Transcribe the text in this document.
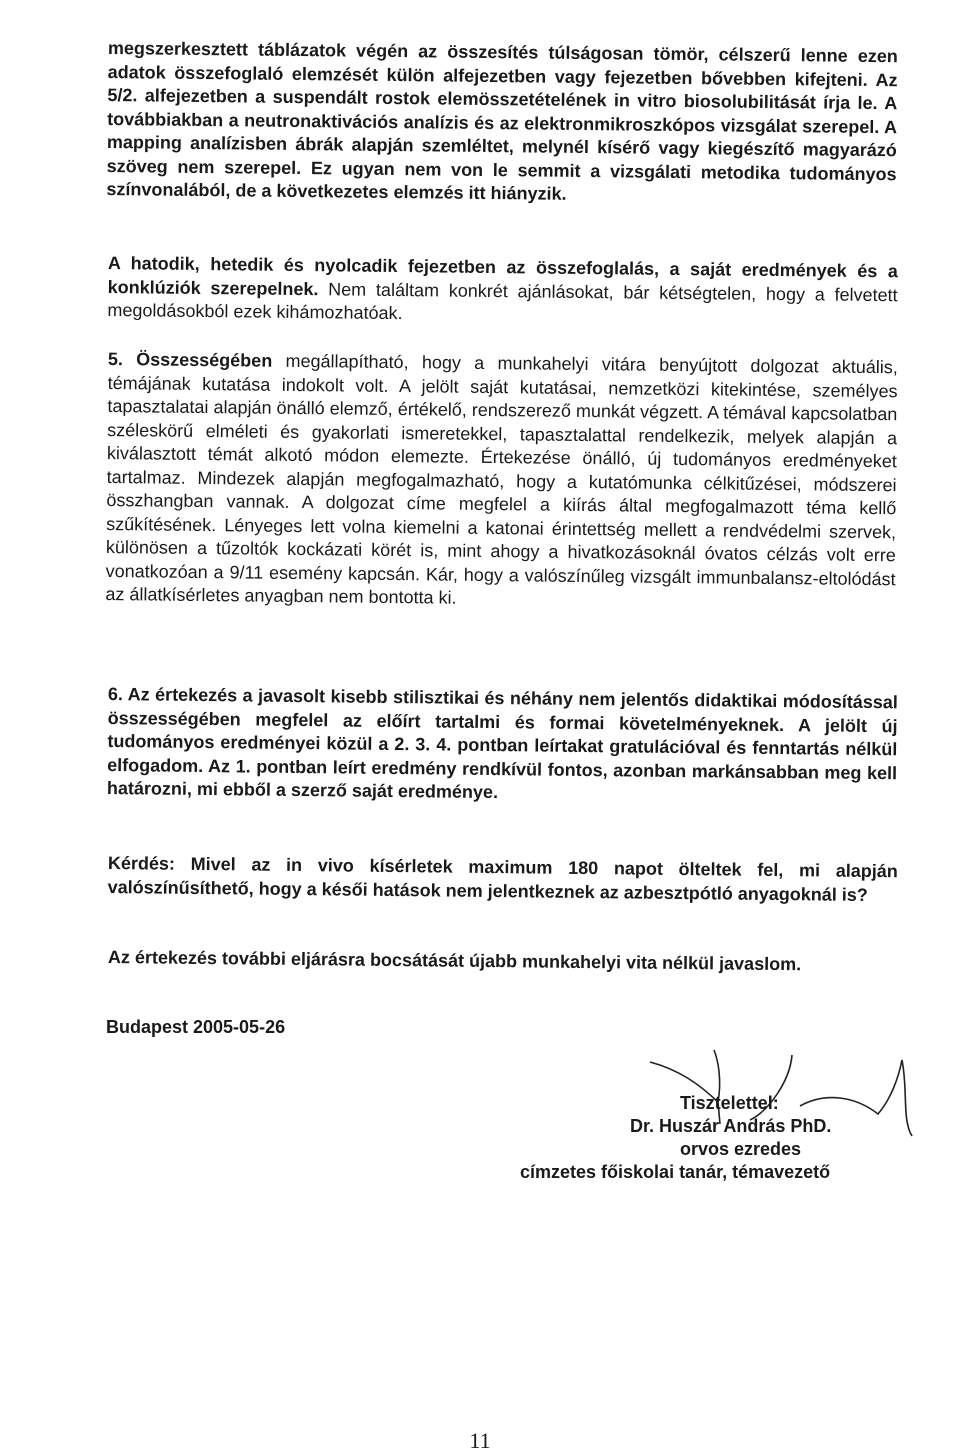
megszerkesztett táblázatok végén az összesítés túlságosan tömör, célszerű lenne ezen adatok összefoglaló elemzését külön alfejezetben vagy fejezetben bővebben kifejteni. Az 5/2. alfejezetben a suspendált rostok elemösszetételének in vitro biosolubilitását írja le. A továbbiakban a neutronaktivációs analízis és az elektronmikroszkópos vizsgálat szerepel. A mapping analízisben ábrák alapján szemléltet, melynél kísérő vagy kiegészítő magyarázó szöveg nem szerepel. Ez ugyan nem von le semmit a vizsgálati metodika tudományos színvonalából, de a következetes elemzés itt hiányzik.
A hatodik, hetedik és nyolcadik fejezetben az összefoglalás, a saját eredmények és a konklúziók szerepelnek. Nem találtam konkrét ajánlásokat, bár kétségtelen, hogy a felvetett megoldásokból ezek kihámozhatóak.
5. Összességében megállapítható, hogy a munkahelyi vitára benyújtott dolgozat aktuális, témájának kutatása indokolt volt. A jelölt saját kutatásai, nemzetközi kitekintése, személyes tapasztalatai alapján önálló elemző, értékelő, rendszerező munkát végzett. A témával kapcsolatban széleskörű elméleti és gyakorlati ismeretekkel, tapasztalattal rendelkezik, melyek alapján a kiválasztott témát alkotó módon elemezte. Értekezése önálló, új tudományos eredményeket tartalmaz. Mindezek alapján megfogalmazható, hogy a kutatómunka célkitűzései, módszerei összhangban vannak. A dolgozat címe megfelel a kiírás által megfogalmazott téma kellő szűkítésének. Lényeges lett volna kiemelni a katonai érintettség mellett a rendvédelmi szervek, különösen a tűzoltók kockázati körét is, mint ahogy a hivatkozásoknál óvatos célzás volt erre vonatkozóan a 9/11 esemény kapcsán. Kár, hogy a valószínűleg vizsgált immunbalansz-eltolódást az állatkísérletes anyagban nem bontotta ki.
6. Az értekezés a javasolt kisebb stilisztikai és néhány nem jelentős didaktikai módosítással összességében megfelel az előírt tartalmi és formai követelményeknek. A jelölt új tudományos eredményei közül a 2. 3. 4. pontban leírtakat gratulációval és fenntartás nélkül elfogadom. Az 1. pontban leírt eredmény rendkívül fontos, azonban markánsabban meg kell határozni, mi ebből a szerző saját eredménye.
Kérdés: Mivel az in vivo kísérletek maximum 180 napot ölteltek fel, mi alapján valószínűsíthető, hogy a késői hatások nem jelentkeznek az azbesztpótló anyagoknál is?
Az értekezés további eljárásra bocsátását újabb munkahelyi vita nélkül javaslom.
Budapest 2005-05-26
Tisztelettel:
Dr. Huszár András PhD.
orvos ezredes
címzetes főiskolai tanár, témavezető
11
